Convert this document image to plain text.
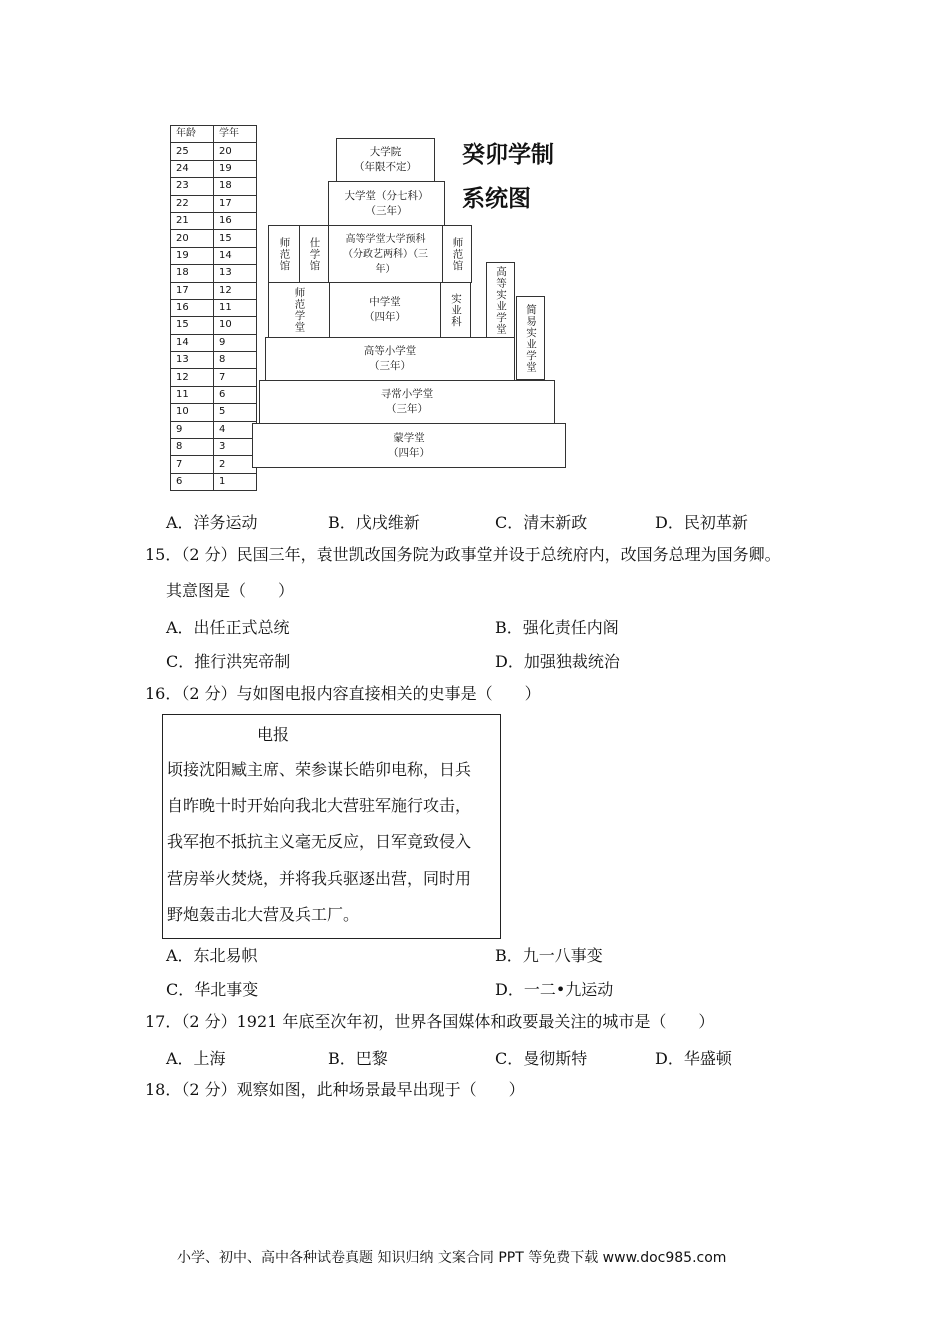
年龄	学年
25	20
24	19
23	18
22	17
21	16
20	15
19	14
18	13
17	12
16	11
15	10
14	9
13	8
12	7
11	6
10	5
9	4
8	3
7	2
6	1
癸卯学制
系统图
大学院
（年限不定）
大学堂（分七科）
（三年）
师范馆 仕学馆	高等学堂大学预科
（分政艺两科）（三
年）	师范馆
师范学堂	中学堂
（四年）	实业科	高等实业学堂
简易实业学堂
高等小学堂
（三年）
寻常小学堂
（三年）
蒙学堂
（四年）
A．洋务运动	B．戊戌维新	C．清末新政	D．民初革新
15．（2 分）民国三年，袁世凯改国务院为政事堂并设于总统府内，改国务总理为国务卿。
其意图是（　　）
A．出任正式总统	B．强化责任内阁
C．推行洪宪帝制	D．加强独裁统治
16．（2 分）与如图电报内容直接相关的史事是（　　）
电报
顷接沈阳臧主席、荣参谋长皓卯电称，日兵
自昨晚十时开始向我北大营驻军施行攻击，
我军抱不抵抗主义毫无反应，日军竟致侵入
营房举火焚烧，并将我兵驱逐出营，同时用
野炮轰击北大营及兵工厂。
A．东北易帜	B．九一八事变
C．华北事变	D．一二•九运动
17．（2 分）1921 年底至次年初，世界各国媒体和政要最关注的城市是（　　）
A．上海	B．巴黎	C．曼彻斯特	D．华盛顿
18．（2 分）观察如图，此种场景最早出现于（　　）
小学、初中、高中各种试卷真题 知识归纳 文案合同 PPT 等免费下载 www.doc985.com
